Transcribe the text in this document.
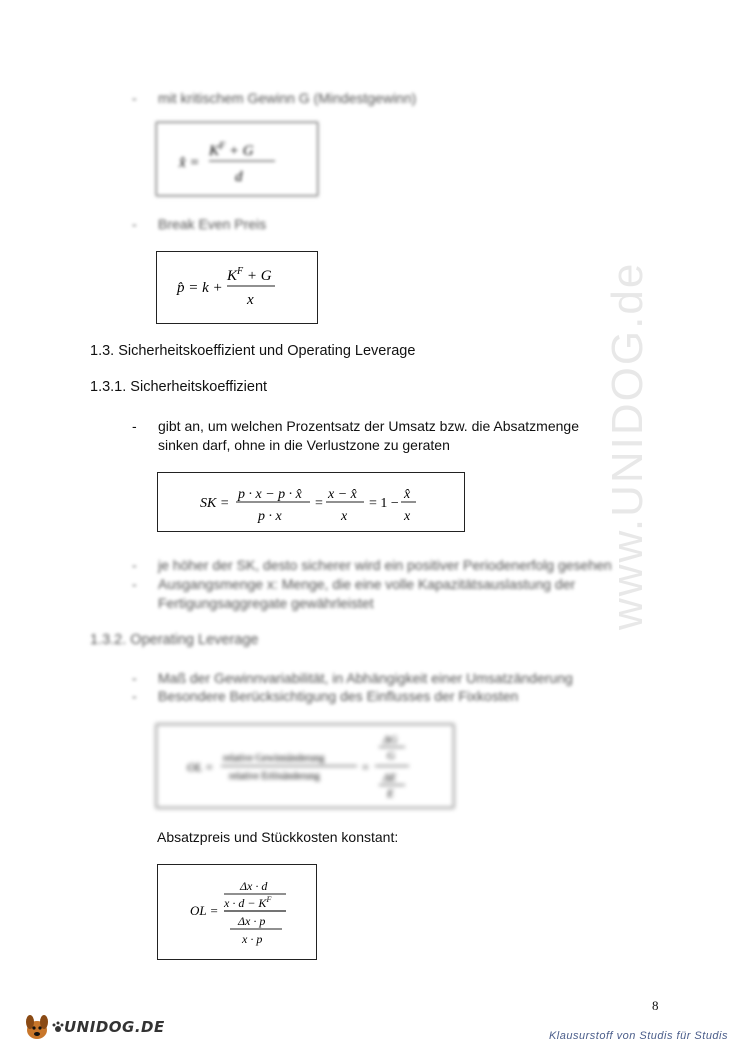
- mit kritischem Gewinn G (Mindestgewinn)
x̂ =
$K^F + G$
d
- Break Even Preis
p̂ = k +
$K^F + G$
x
1.3. Sicherheitskoeffizient und Operating Leverage
1.3.1. Sicherheitskoeffizient
- gibt an, um welchen Prozentsatz der Umsatz bzw. die Absatzmenge
sinken darf, ohne in die Verlustzone zu geraten
SK =
p · x − p · x̂
p · x
=
x − x̂
x
= 1 −
x̂
x
- je höher der SK, desto sicherer wird ein positiver Periodenerfolg gesehen
- Ausgangsmenge x: Menge, die eine volle Kapazitätsauslastung der
Fertigungsaggregate gewährleistet
1.3.2. Operating Leverage
- Maß der Gewinnvariabilität, in Abhängigkeit einer Umsatzänderung
- Besondere Berücksichtigung des Einflusses der Fixkosten
OL =
relative Gewinnänderung
relative Erlösänderung
=
ΔG
G
ΔE
E
Absatzpreis und Stückkosten konstant:
OL =
Δx · d
$x \cdot d - K^F$
Δx · p
x · p
www.UNIDOG.de
8
UNIDOG.DE	Klausurstoff von Studis für Studis
